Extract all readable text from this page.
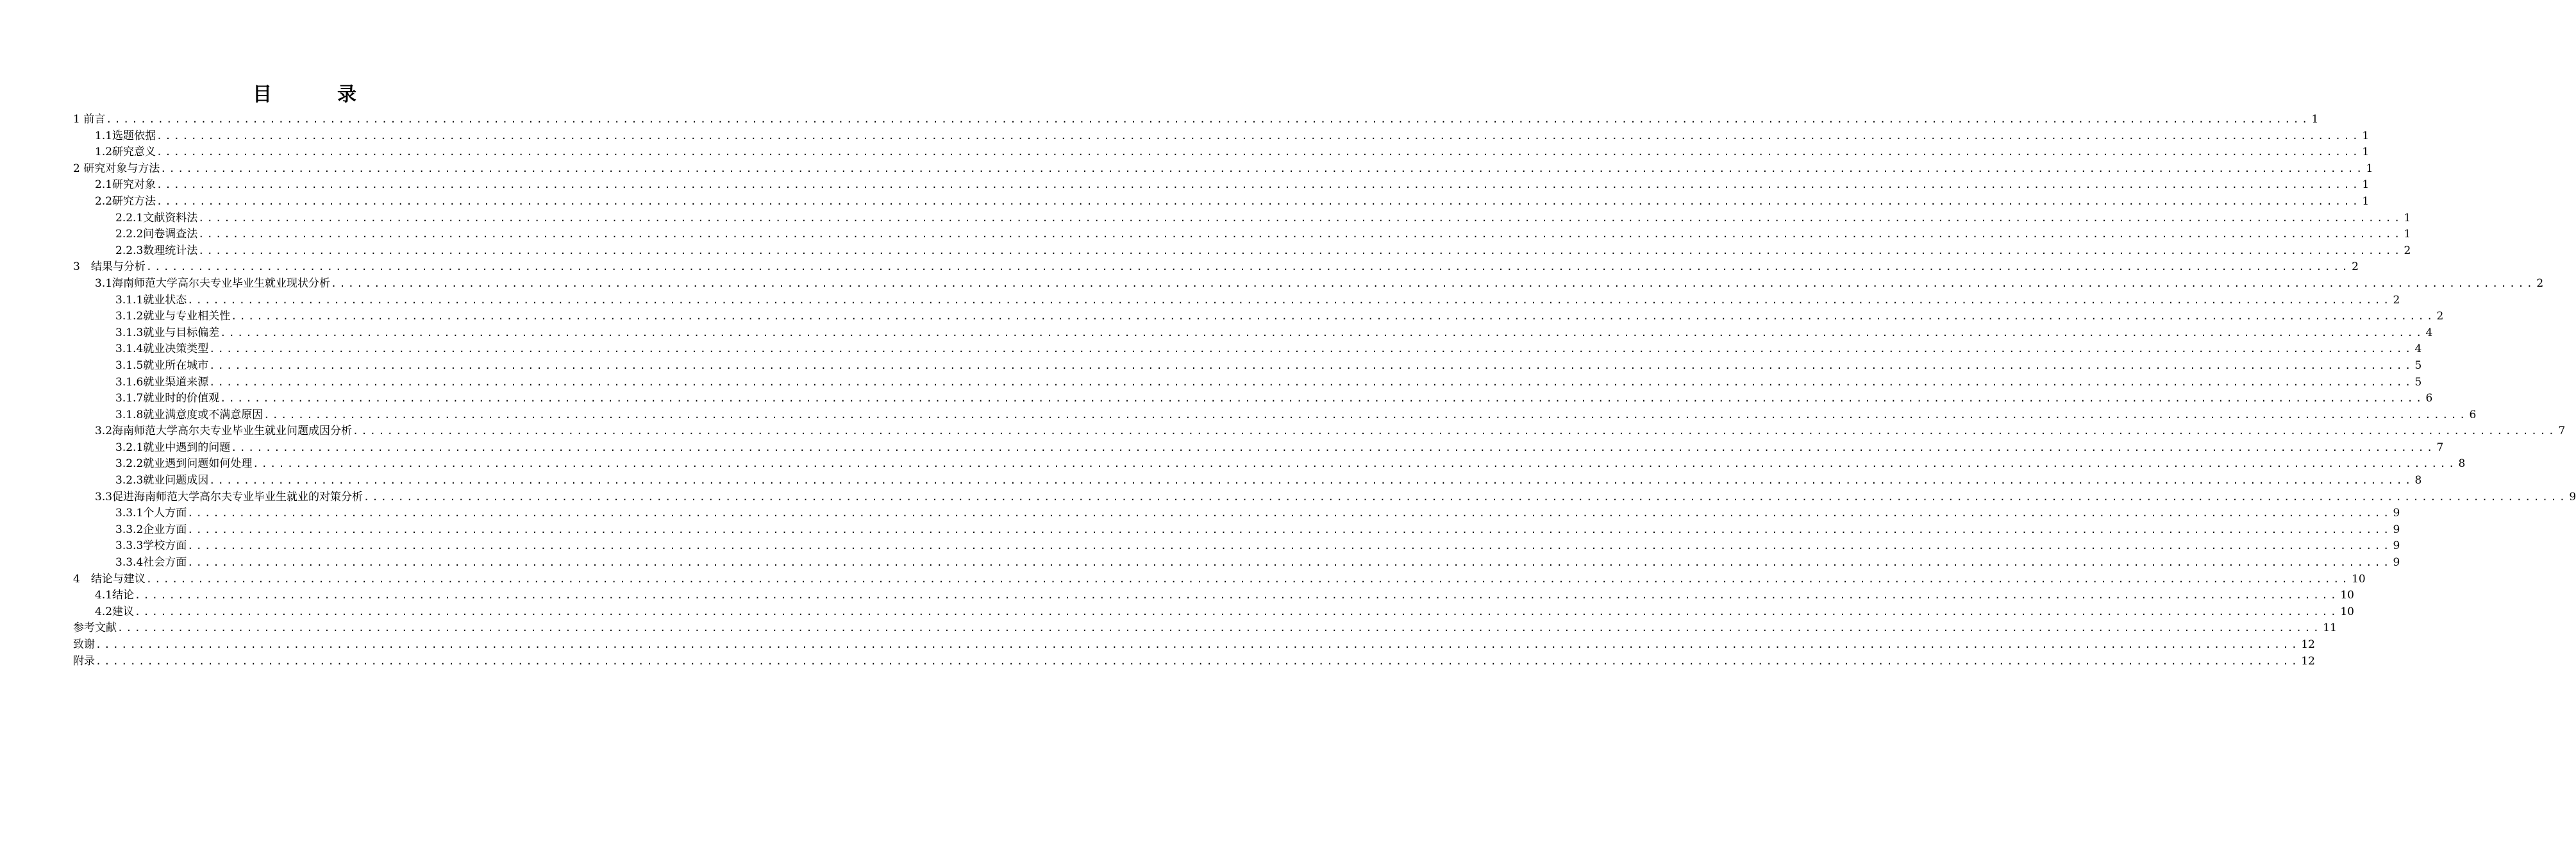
目　录
1 前言 ................................................................................................................................................................................................................................................................ 1
1.1选题依据 ................................................................................................................................................................................................................................................................ 1
1.2研究意义 ................................................................................................................................................................................................................................................................ 1
2 研究对象与方法 ................................................................................................................................................................................................................................................................ 1
2.1研究对象 ................................................................................................................................................................................................................................................................ 1
2.2研究方法 ................................................................................................................................................................................................................................................................ 1
2.2.1文献资料法 ................................................................................................................................................................................................................................................................ 1
2.2.2问卷调查法 ................................................................................................................................................................................................................................................................ 1
2.2.3数理统计法 ................................................................................................................................................................................................................................................................ 2
3　结果与分析 ................................................................................................................................................................................................................................................................ 2
3.1海南师范大学高尔夫专业毕业生就业现状分析 ................................................................................................................................................................................................................................................................ 2
3.1.1就业状态 ................................................................................................................................................................................................................................................................ 2
3.1.2就业与专业相关性 ................................................................................................................................................................................................................................................................ 2
3.1.3就业与目标偏差 ................................................................................................................................................................................................................................................................ 4
3.1.4就业决策类型 ................................................................................................................................................................................................................................................................ 4
3.1.5就业所在城市 ................................................................................................................................................................................................................................................................ 5
3.1.6就业渠道来源 ................................................................................................................................................................................................................................................................ 5
3.1.7就业时的价值观 ................................................................................................................................................................................................................................................................ 6
3.1.8就业满意度或不满意原因 ................................................................................................................................................................................................................................................................ 6
3.2海南师范大学高尔夫专业毕业生就业问题成因分析 ................................................................................................................................................................................................................................................................ 7
3.2.1就业中遇到的问题 ................................................................................................................................................................................................................................................................ 7
3.2.2就业遇到问题如何处理 ................................................................................................................................................................................................................................................................ 8
3.2.3就业问题成因 ................................................................................................................................................................................................................................................................ 8
3.3促进海南师范大学高尔夫专业毕业生就业的对策分析 ................................................................................................................................................................................................................................................................ 9
3.3.1个人方面 ................................................................................................................................................................................................................................................................ 9
3.3.2企业方面 ................................................................................................................................................................................................................................................................ 9
3.3.3学校方面 ................................................................................................................................................................................................................................................................ 9
3.3.4社会方面 ................................................................................................................................................................................................................................................................ 9
4　结论与建议 ................................................................................................................................................................................................................................................................ 10
4.1结论 ................................................................................................................................................................................................................................................................ 10
4.2建议 ................................................................................................................................................................................................................................................................ 10
参考文献 ................................................................................................................................................................................................................................................................ 11
致谢 ................................................................................................................................................................................................................................................................ 12
附录 ................................................................................................................................................................................................................................................................ 12
